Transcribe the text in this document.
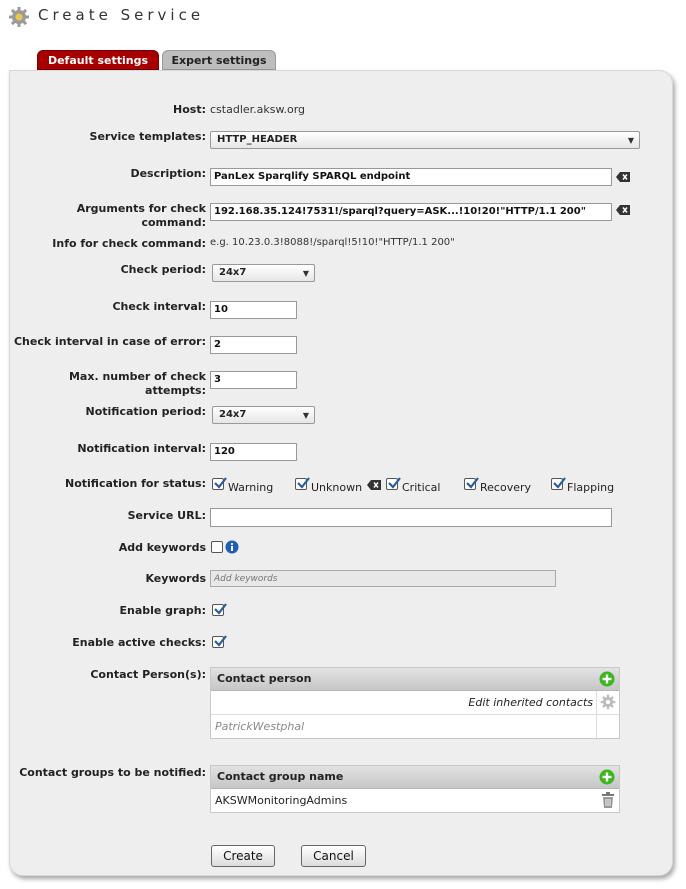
Create Service
Default settings	Expert settings
Host: cstadler.aksw.org
Service templates:	HTTP_HEADER	▼
Description: PanLex Sparqlify SPARQL endpoint
Arguments for check
command:
192.168.35.124!7531!/sparql?query=ASK...!10!20!"HTTP/1.1 200"
Info for check command: e.g. 10.23.0.3!8088!/sparql!5!10!"HTTP/1.1 200"
Check period:	24x7	▼
Check interval: 10
Check interval in case of error: 2
Max. number of check
attempts:
3
Notification period:	24x7	▼
Notification interval: 120
Notification for status: Warning	Unknown	Critical	Recovery	Flapping
Service URL:
Add keywords
Keywords
Add keywords
Enable graph:
Enable active checks:
Contact Person(s):	Contact person
Edit inherited contacts
PatrickWestphal
Contact groups to be notified:	Contact group name
AKSWMonitoringAdmins
Create	Cancel
